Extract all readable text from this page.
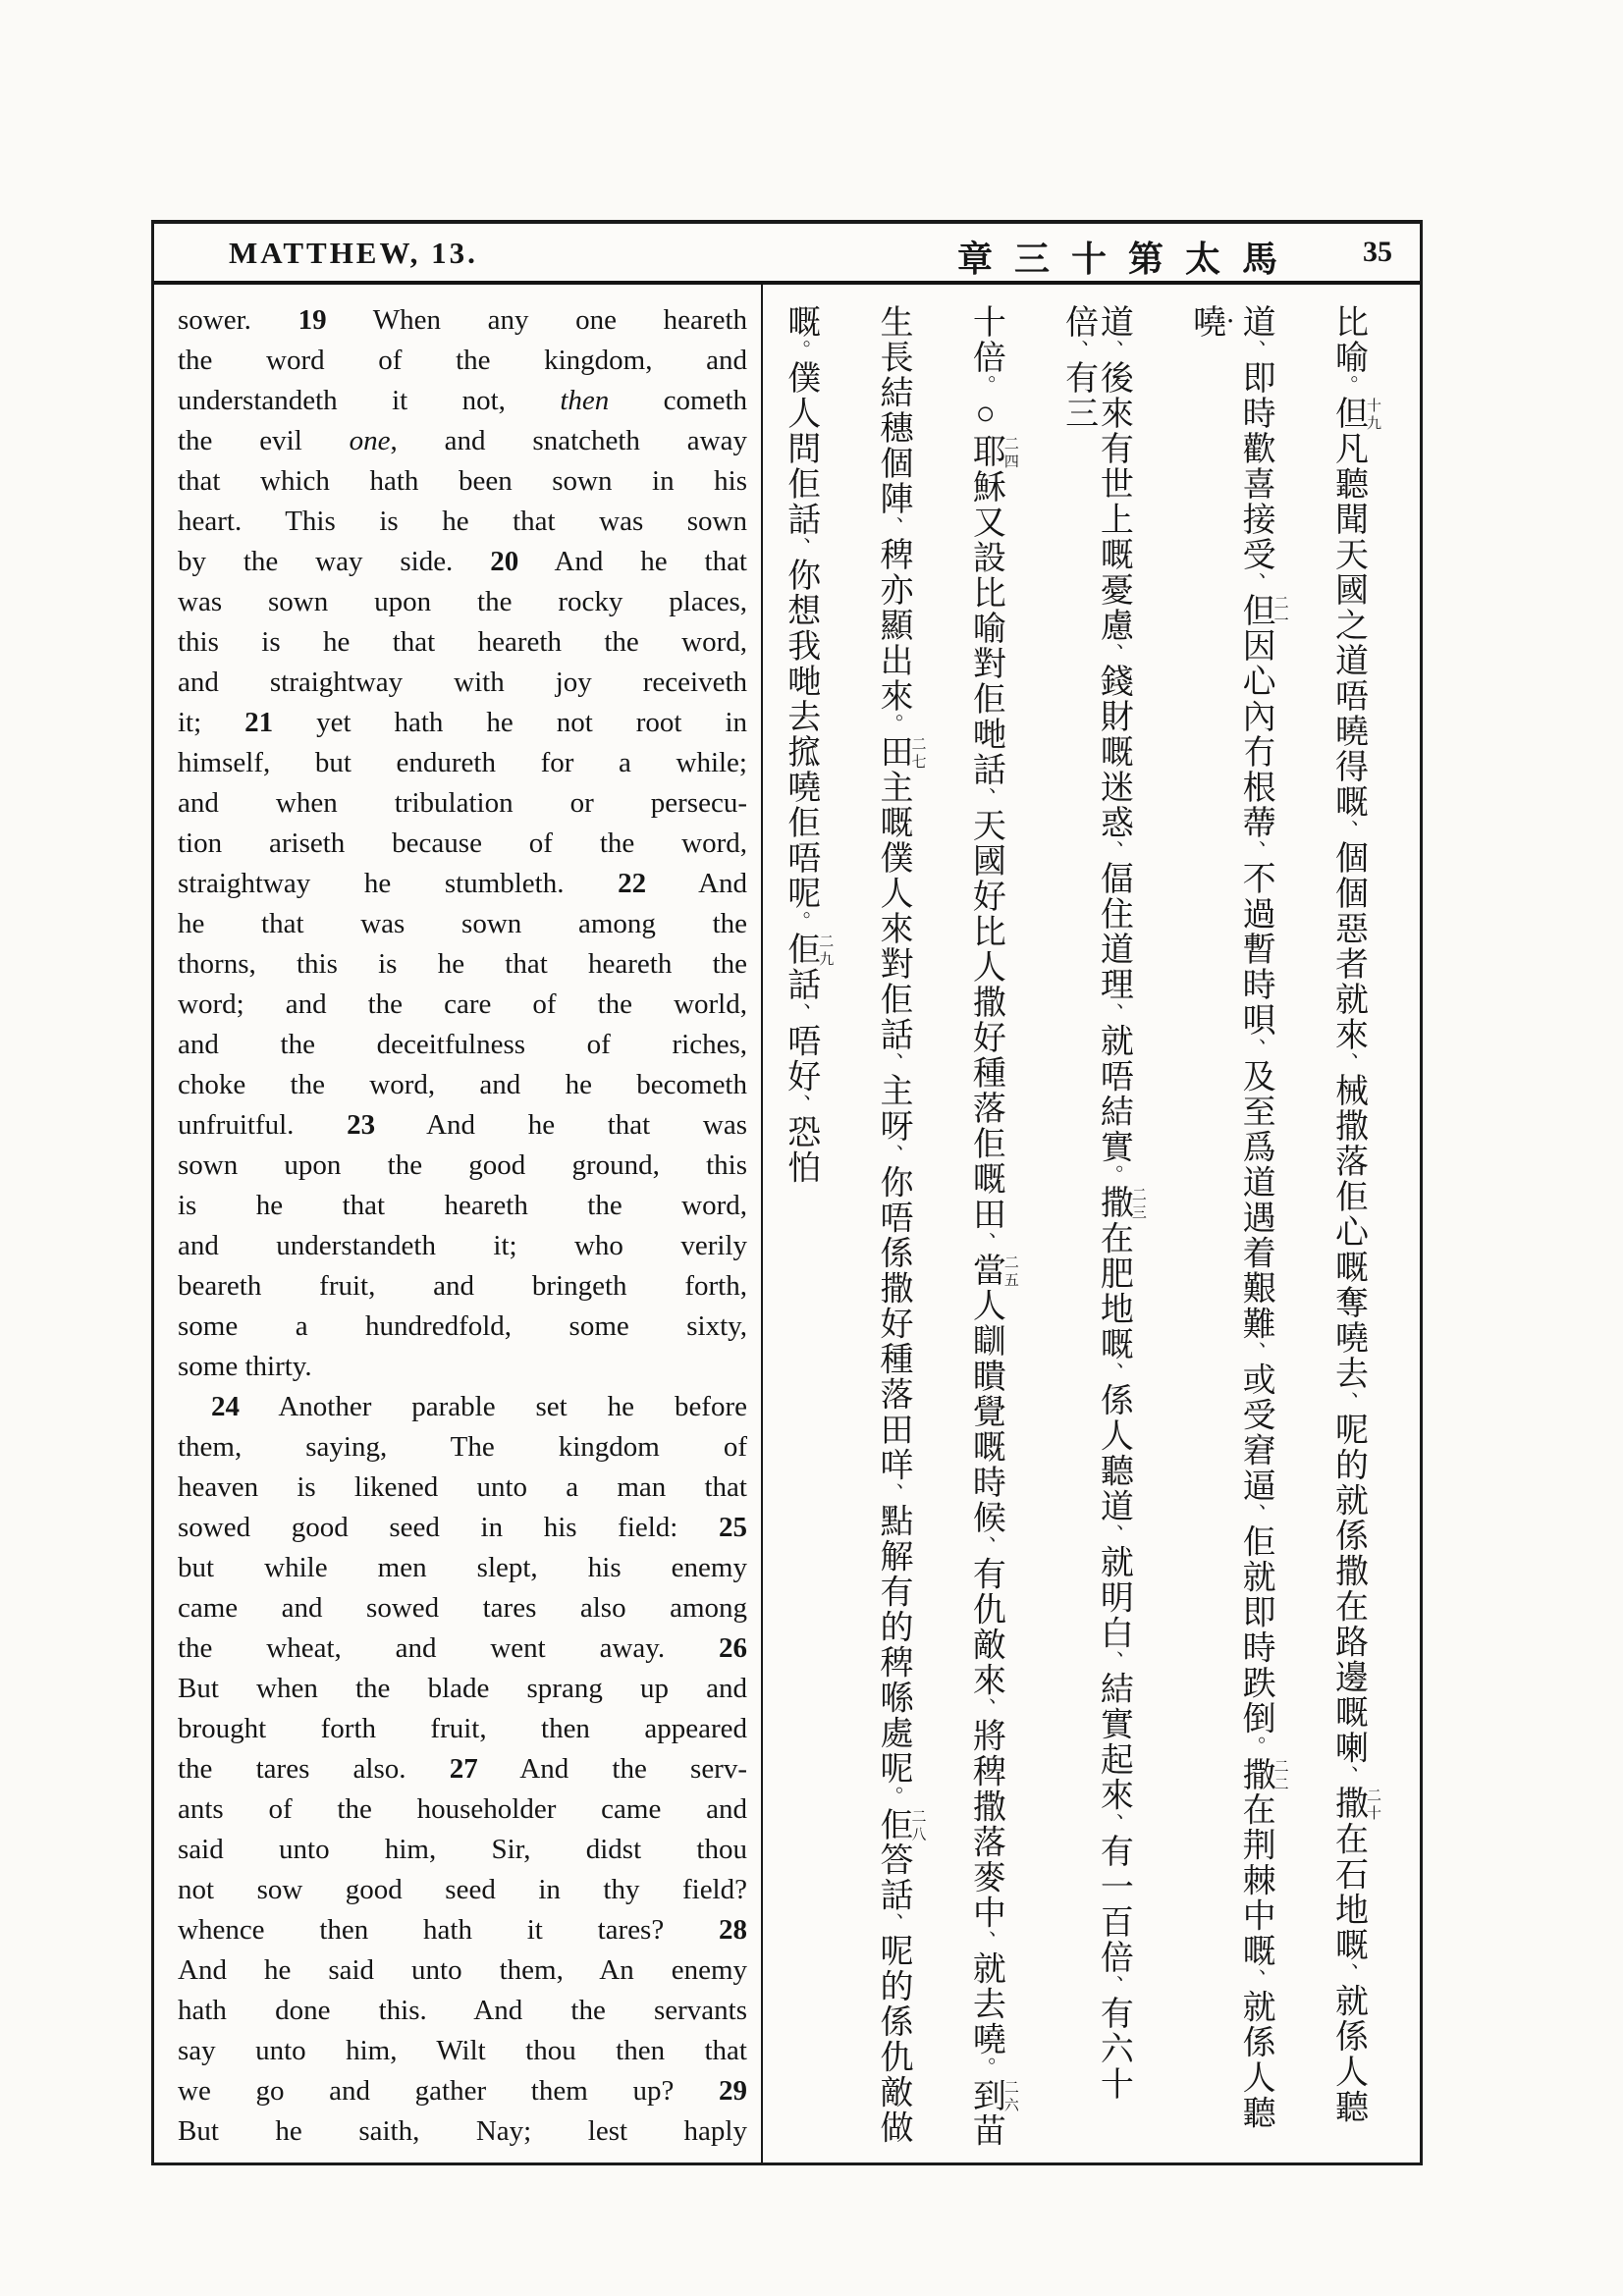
MATTHEW, 13.	章三十第太馬 35
sower. 19 When any one heareth
the word of the kingdom, and
understandeth it not, then cometh
the evil one, and snatcheth away
that which hath been sown in his
heart. This is he that was sown
by the way side. 20 And he that
was sown upon the rocky places,
this is he that heareth the word,
and straightway with joy receiveth
it; 21 yet hath he not root in
himself, but endureth for a while;
and when tribulation or persecu-
tion ariseth because of the word,
straightway he stumbleth. 22 And
he that was sown among the
thorns, this is he that heareth the
word; and the care of the world,
and the deceitfulness of riches,
choke the word, and he becometh
unfruitful. 23 And he that was
sown upon the good ground, this
is he that heareth the word,
and understandeth it; who verily
beareth fruit, and bringeth forth,
some a hundredfold, some sixty,
some thirty.
24 Another parable set he before
them, saying, The kingdom of
heaven is likened unto a man that
sowed good seed in his field: 25
but while men slept, his enemy
came and sowed tares also among
the wheat, and went away. 26
But when the blade sprang up and
brought forth fruit, then appeared
the tares also. 27 And the serv-
ants of the householder came and
said unto him, Sir, didst thou
not sow good seed in thy field?
whence then hath it tares? 28
And he said unto them, An enemy
hath done this. And the servants
say unto him, Wilt thou then that
we go and gather them up? 29
But he saith, Nay; lest haply
比喻。但十九凡聽聞天國之道唔曉得嘅、個個惡者就來、械撒落佢心嘅奪嘵去、呢的就係撒在路邊嘅喇、撒二十在石地嘅、就係人聽
道、即時歡喜接受、但二一因心內冇根蔕、不過暫時唄、及至爲道遇着艱難、或受窘逼、佢就即時跌倒。撒二二在荆棘中嘅、就係人聽嘵•
道、後來有世上嘅憂慮、錢財嘅迷惑、偪住道理、就唔結實。撒二三在肥地嘅、係人聽道、就明白、結實起來、有一百倍、有六十倍、有三
十倍。○耶二四穌又設比喻對佢哋話、天國好比人撒好種落佢嘅田、當二五人瞓瞶覺嘅時候、有仇敵來、將稗撒落麥中、就去嘵。到二六苗
生長結穗個陣、稗亦顯出來。田二七主嘅僕人來對佢話、主呀、你唔係撒好種落田咩、點解有的稗喺處呢。佢二八答話、呢的係仇敵做
嘅。僕人問佢話、你想我哋去搲嘵佢唔呢。佢二九話、唔好、恐怕
